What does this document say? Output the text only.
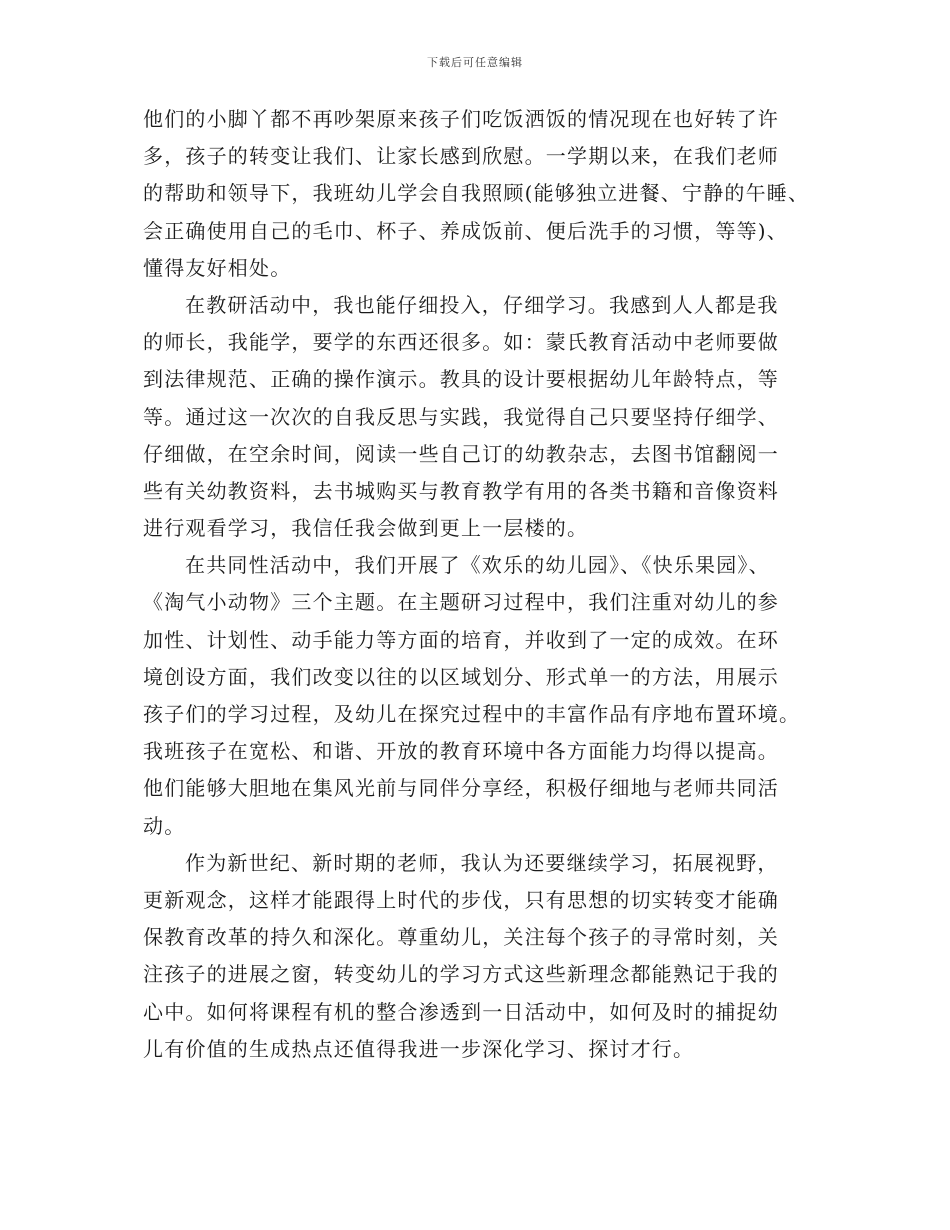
下载后可任意编辑
他们的小脚丫都不再吵架原来孩子们吃饭洒饭的情况现在也好转了许
多，孩子的转变让我们、让家长感到欣慰。一学期以来，在我们老师
的帮助和领导下，我班幼儿学会自我照顾(能够独立进餐、宁静的午睡、
会正确使用自己的毛巾、杯子、养成饭前、便后洗手的习惯，等等)、
懂得友好相处。
在教研活动中，我也能仔细投入，仔细学习。我感到人人都是我
的师长，我能学，要学的东西还很多。如：蒙氏教育活动中老师要做
到法律规范、正确的操作演示。教具的设计要根据幼儿年龄特点，等
等。通过这一次次的自我反思与实践，我觉得自己只要坚持仔细学、
仔细做，在空余时间，阅读一些自己订的幼教杂志，去图书馆翻阅一
些有关幼教资料，去书城购买与教育教学有用的各类书籍和音像资料
进行观看学习，我信任我会做到更上一层楼的。
在共同性活动中，我们开展了《欢乐的幼儿园》、《快乐果园》、
《淘气小动物》三个主题。在主题研习过程中，我们注重对幼儿的参
加性、计划性、动手能力等方面的培育，并收到了一定的成效。在环
境创设方面，我们改变以往的以区域划分、形式单一的方法，用展示
孩子们的学习过程，及幼儿在探究过程中的丰富作品有序地布置环境。
我班孩子在宽松、和谐、开放的教育环境中各方面能力均得以提高。
他们能够大胆地在集风光前与同伴分享经，积极仔细地与老师共同活
动。
作为新世纪、新时期的老师，我认为还要继续学习，拓展视野，
更新观念，这样才能跟得上时代的步伐，只有思想的切实转变才能确
保教育改革的持久和深化。尊重幼儿，关注每个孩子的寻常时刻，关
注孩子的进展之窗，转变幼儿的学习方式这些新理念都能熟记于我的
心中。如何将课程有机的整合渗透到一日活动中，如何及时的捕捉幼
儿有价值的生成热点还值得我进一步深化学习、探讨才行。
